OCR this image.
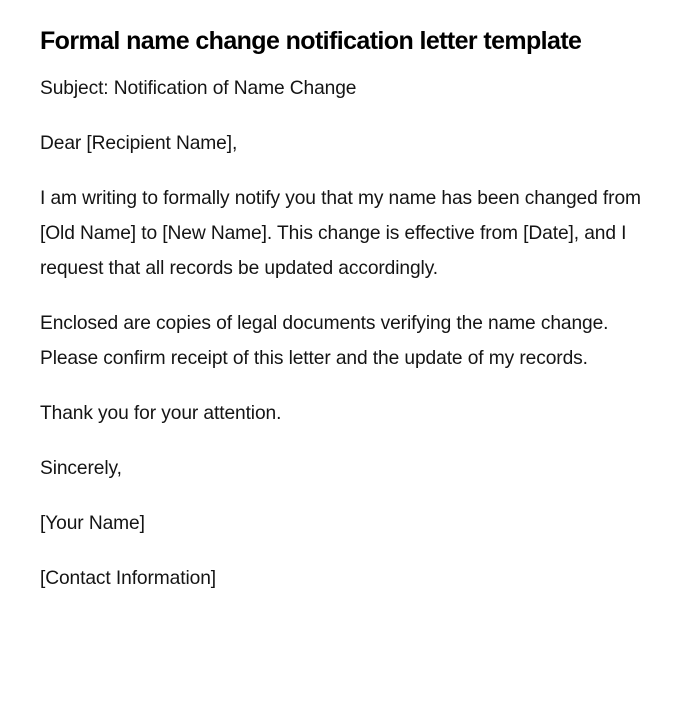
Formal name change notification letter template
Subject: Notification of Name Change
Dear [Recipient Name],
I am writing to formally notify you that my name has been changed from [Old Name] to [New Name]. This change is effective from [Date], and I request that all records be updated accordingly.
Enclosed are copies of legal documents verifying the name change. Please confirm receipt of this letter and the update of my records.
Thank you for your attention.
Sincerely,
[Your Name]
[Contact Information]
